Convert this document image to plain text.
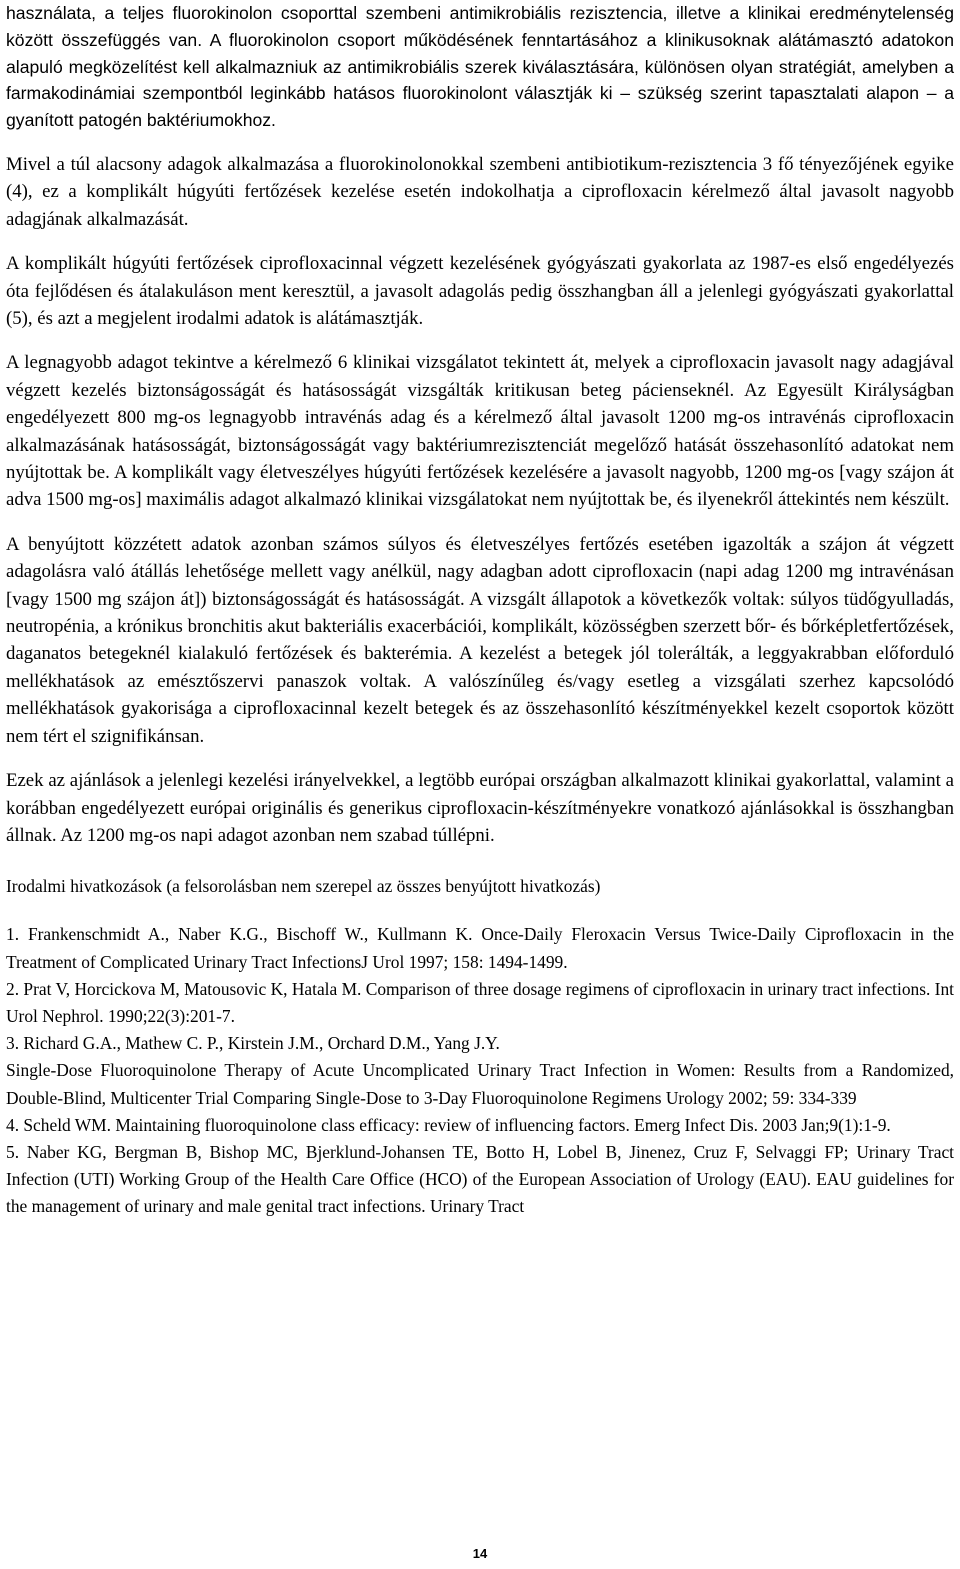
használata, a teljes fluorokinolon csoporttal szembeni antimikrobiális rezisztencia, illetve a klinikai eredménytelenség között összefüggés van. A fluorokinolon csoport működésének fenntartásához a klinikusoknak alátámasztó adatokon alapuló megközelítést kell alkalmazniuk az antimikrobiális szerek kiválasztására, különösen olyan stratégiát, amelyben a farmakodinámiai szempontból leginkább hatásos fluorokinolont választják ki – szükség szerint tapasztalati alapon – a gyanított patogén baktériumokhoz.

Mivel a túl alacsony adagok alkalmazása a fluorokinolonokkal szembeni antibiotikum-rezisztencia 3 fő tényezőjének egyike (4), ez a komplikált húgyúti fertőzések kezelése esetén indokolhatja a ciprofloxacin kérelmező által javasolt nagyobb adagjának alkalmazását.

A komplikált húgyúti fertőzések ciprofloxacinnal végzett kezelésének gyógyászati gyakorlata az 1987-es első engedélyezés óta fejlődésen és átalakuláson ment keresztül, a javasolt adagolás pedig összhangban áll a jelenlegi gyógyászati gyakorlattal (5), és azt a megjelent irodalmi adatok is alátámasztják.

A legnagyobb adagot tekintve a kérelmező 6 klinikai vizsgálatot tekintett át, melyek a ciprofloxacin javasolt nagy adagjával végzett kezelés biztonságosságát és hatásosságát vizsgálták kritikusan beteg pácienseknél. Az Egyesült Királyságban engedélyezett 800 mg-os legnagyobb intravénás adag és a kérelmező által javasolt 1200 mg-os intravénás ciprofloxacin alkalmazásának hatásosságát, biztonságosságát vagy baktériumrezisztenciát megelőző hatását összehasonlító adatokat nem nyújtottak be. A komplikált vagy életveszélyes húgyúti fertőzések kezelésére a javasolt nagyobb, 1200 mg-os [vagy szájon át adva 1500 mg-os] maximális adagot alkalmazó klinikai vizsgálatokat nem nyújtottak be, és ilyenekről áttekintés nem készült.

A benyújtott közzétett adatok azonban számos súlyos és életveszélyes fertőzés esetében igazolták a szájon át végzett adagolásra való átállás lehetősége mellett vagy anélkül, nagy adagban adott ciprofloxacin (napi adag 1200 mg intravénásan [vagy 1500 mg szájon át]) biztonságosságát és hatásosságát. A vizsgált állapotok a következők voltak: súlyos tüdőgyulladás, neutropénia, a krónikus bronchitis akut bakteriális exacerbációi, komplikált, közösségben szerzett bőr- és bőrképletfertőzések, daganatos betegeknél kialakuló fertőzések és bakterémia. A kezelést a betegek jól tolerálták, a leggyakrabban előforduló mellékhatások az emésztőszervi panaszok voltak. A valószínűleg és/vagy esetleg a vizsgálati szerhez kapcsolódó mellékhatások gyakorisága a ciprofloxacinnal kezelt betegek és az összehasonlító készítményekkel kezelt csoportok között nem tért el szignifikánsan.

Ezek az ajánlások a jelenlegi kezelési irányelvekkel, a legtöbb európai országban alkalmazott klinikai gyakorlattal, valamint a korábban engedélyezett európai originális és generikus ciprofloxacin-készítményekre vonatkozó ajánlásokkal is összhangban állnak. Az 1200 mg-os napi adagot azonban nem szabad túllépni.

Irodalmi hivatkozások (a felsorolásban nem szerepel az összes benyújtott hivatkozás)

1. Frankenschmidt A., Naber K.G., Bischoff W., Kullmann K. Once-Daily Fleroxacin Versus Twice-Daily Ciprofloxacin in the Treatment of Complicated Urinary Tract InfectionsJ Urol 1997; 158: 1494-1499.

2. Prat V, Horcickova M, Matousovic K, Hatala M. Comparison of three dosage regimens of ciprofloxacin in urinary tract infections. Int Urol Nephrol. 1990;22(3):201-7.

3. Richard G.A., Mathew C. P., Kirstein J.M., Orchard D.M., Yang J.Y.

Single-Dose Fluoroquinolone Therapy of Acute Uncomplicated Urinary Tract Infection in Women: Results from a Randomized, Double-Blind, Multicenter Trial Comparing Single-Dose to 3-Day Fluoroquinolone Regimens Urology 2002; 59: 334-339

4. Scheld WM. Maintaining fluoroquinolone class efficacy: review of influencing factors. Emerg Infect Dis. 2003 Jan;9(1):1-9.

5. Naber KG, Bergman B, Bishop MC, Bjerklund-Johansen TE, Botto H, Lobel B, Jinenez, Cruz F, Selvaggi FP; Urinary Tract Infection (UTI) Working Group of the Health Care Office (HCO) of the European Association of Urology (EAU). EAU guidelines for the management of urinary and male genital tract infections. Urinary Tract

14
